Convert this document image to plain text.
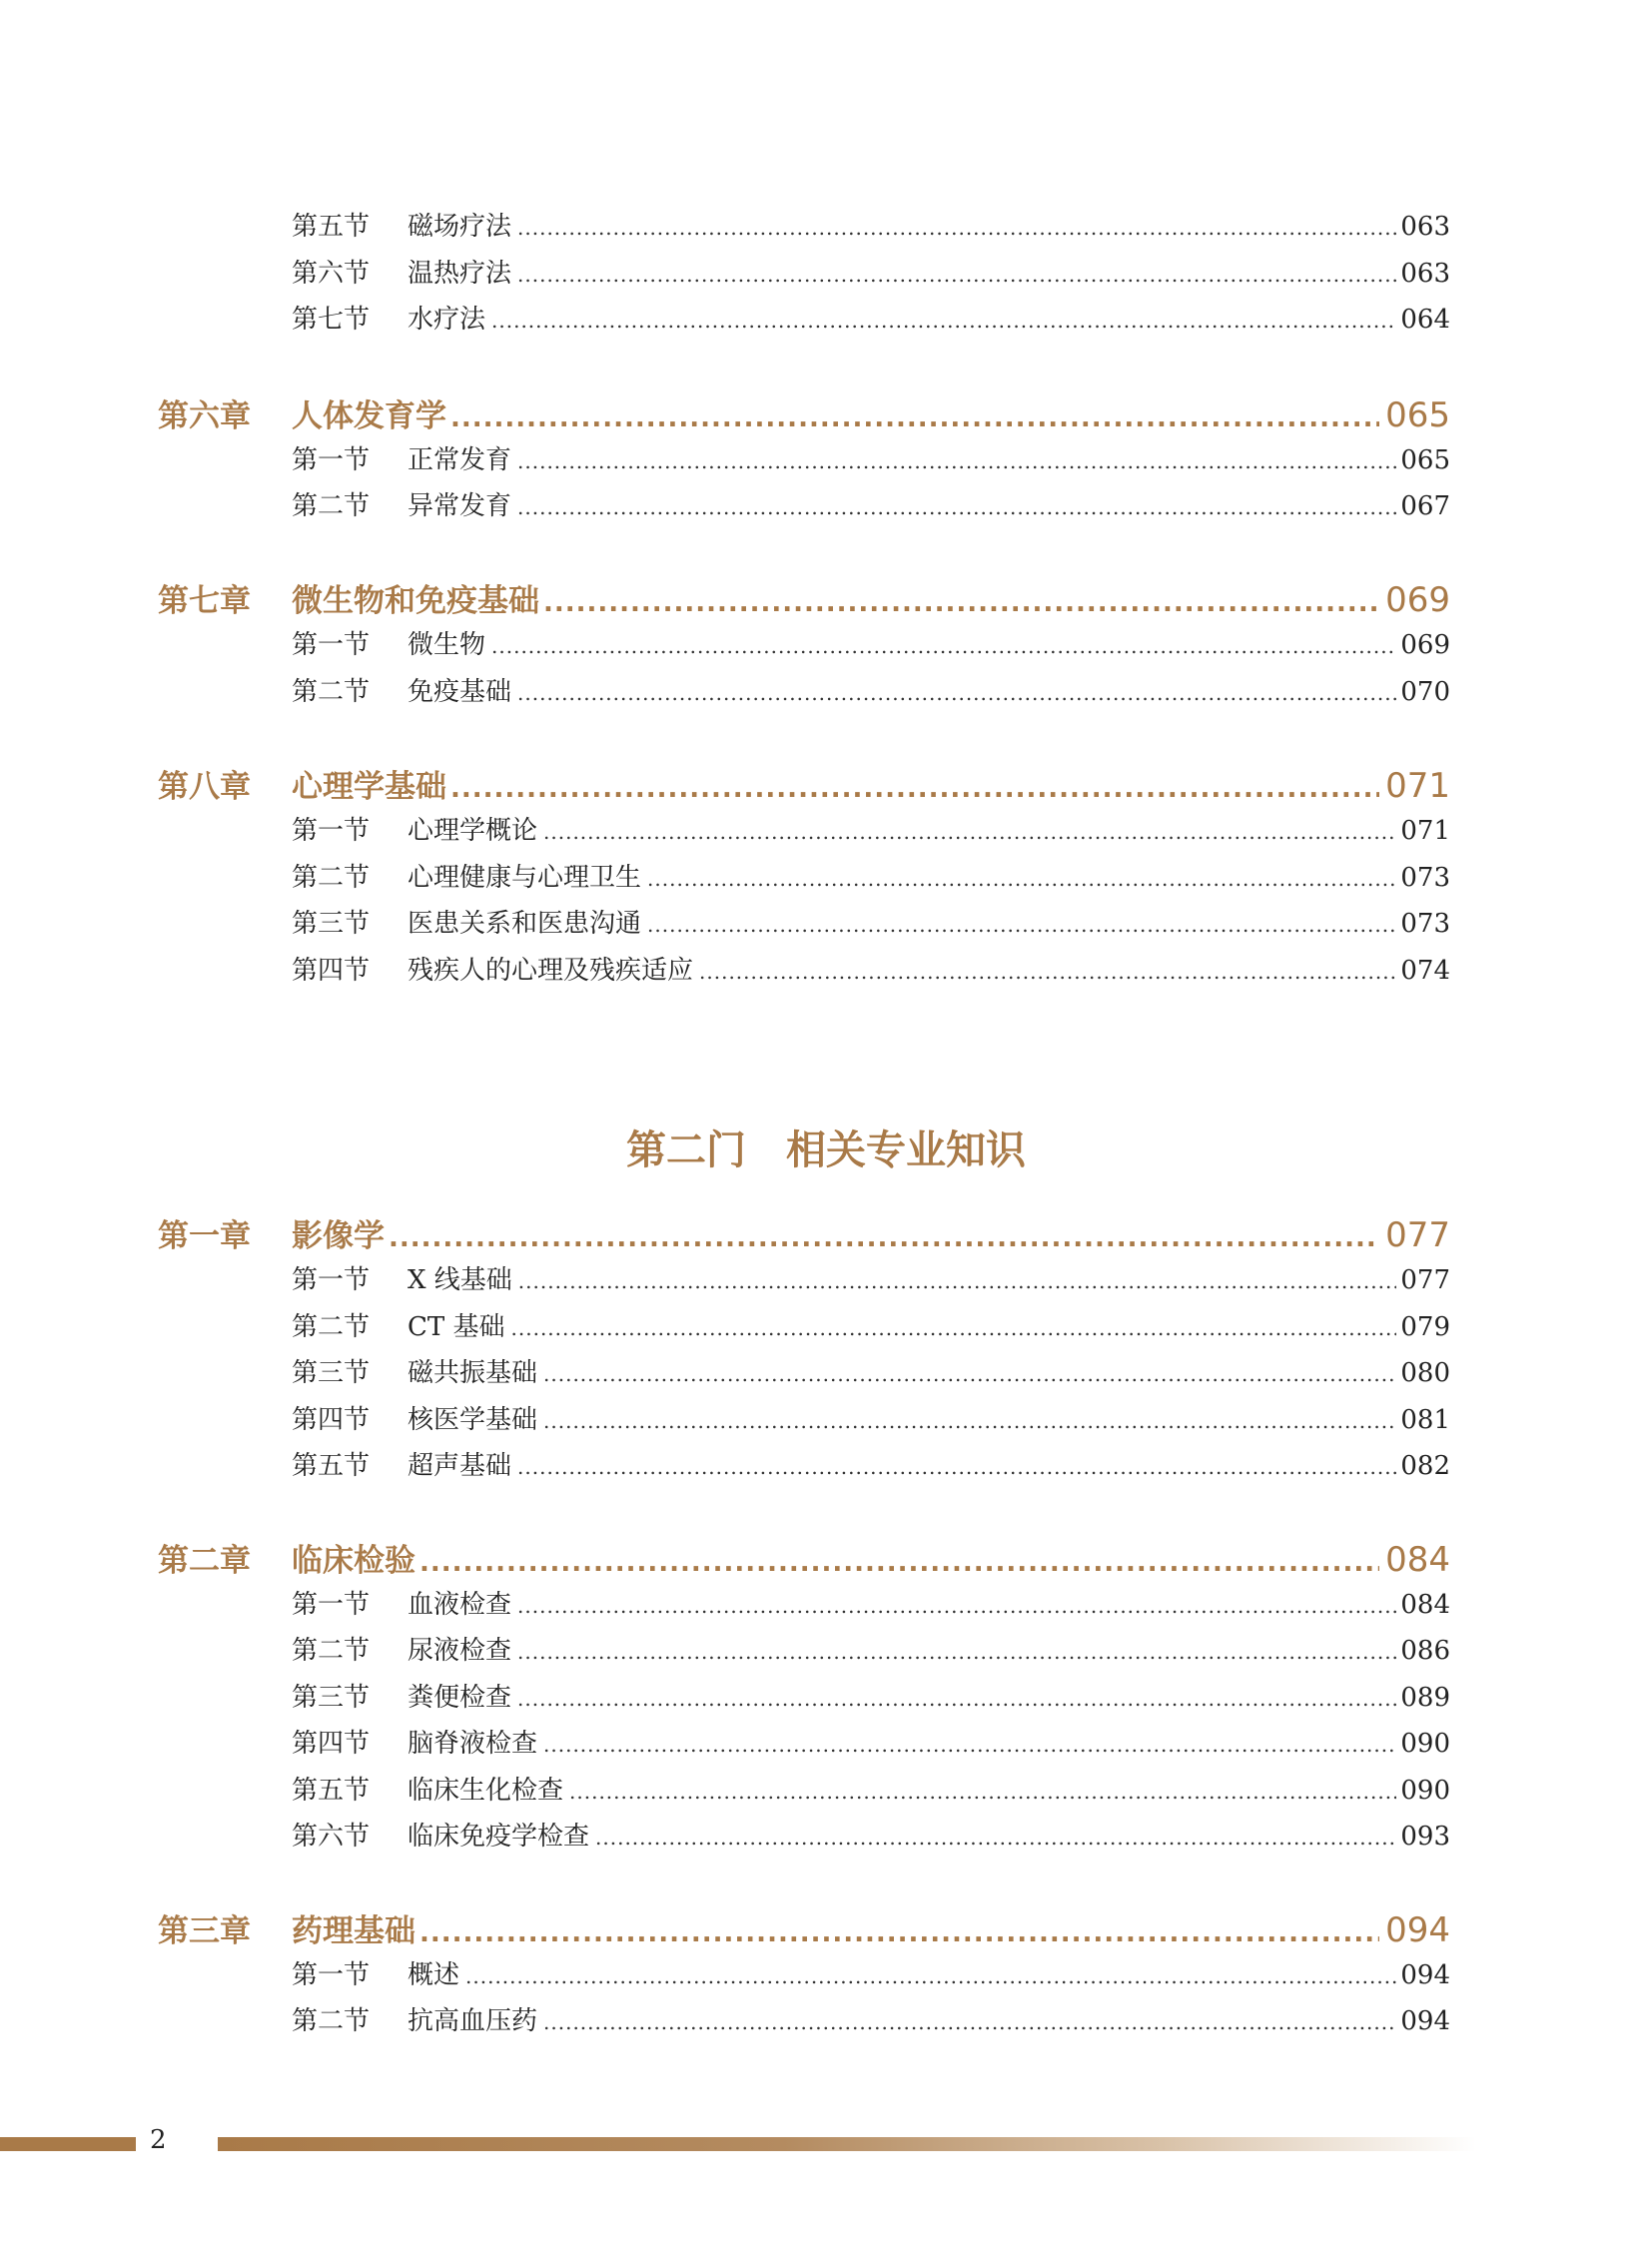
第五节	磁场疗法 .....	063
第六节	温热疗法 .....	063
第七节	水疗法 .....	064
第六章	人体发育学 .....	065
第一节	正常发育 .....	065
第二节	异常发育 .....	067
第七章	微生物和免疫基础 .....	069
第一节	微生物 .....	069
第二节	免疫基础 .....	070
第八章	心理学基础 .....	071
第一节	心理学概论 .....	071
第二节	心理健康与心理卫生 .....	073
第三节	医患关系和医患沟通 .....	073
第四节	残疾人的心理及残疾适应 .....	074
第二门　相关专业知识
第一章	影像学 .....	077
第一节	X 线基础 .....	077
第二节	CT 基础 .....	079
第三节	磁共振基础 .....	080
第四节	核医学基础 .....	081
第五节	超声基础 .....	082
第二章	临床检验 .....	084
第一节	血液检查 .....	084
第二节	尿液检查 .....	086
第三节	粪便检查 .....	089
第四节	脑脊液检查 .....	090
第五节	临床生化检查 .....	090
第六节	临床免疫学检查 .....	093
第三章	药理基础 .....	094
第一节	概述 .....	094
第二节	抗高血压药 .....	094
2
